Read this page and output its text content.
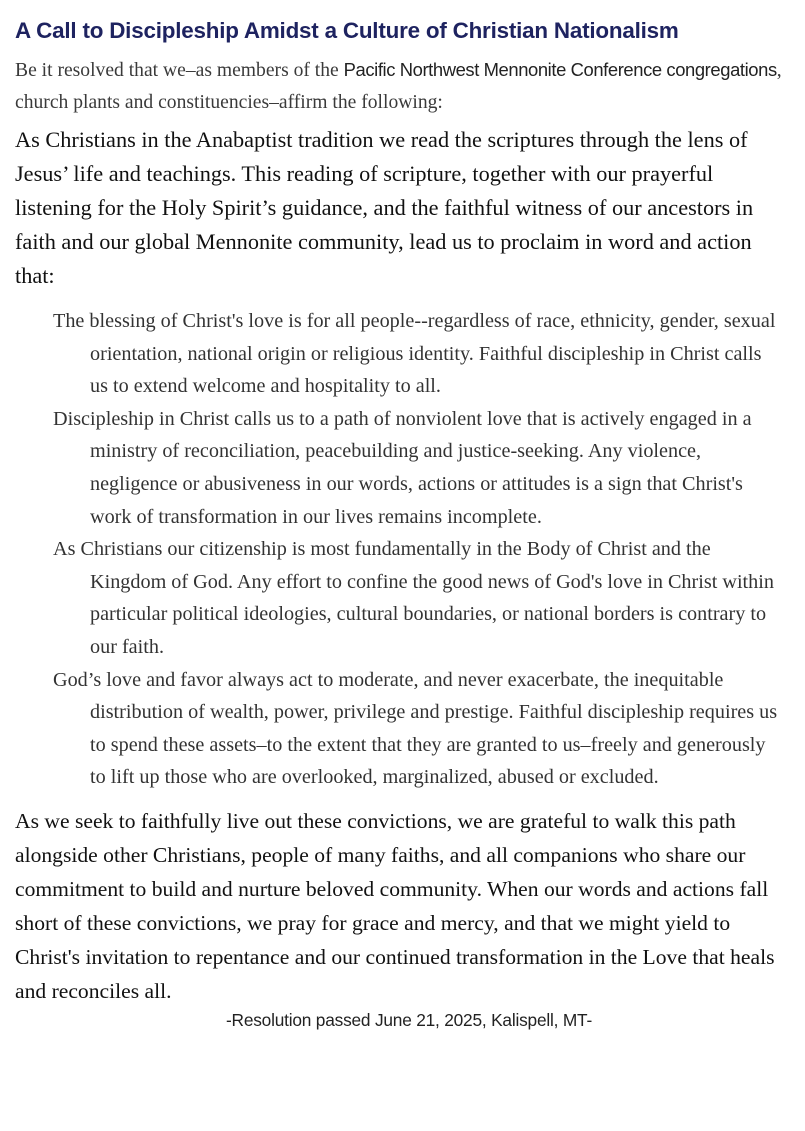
A Call to Discipleship Amidst a Culture of Christian Nationalism

Be it resolved that we–as members of the Pacific Northwest Mennonite Conference congregations, church plants and constituencies–affirm the following:

As Christians in the Anabaptist tradition we read the scriptures through the lens of Jesus’ life and teachings. This reading of scripture, together with our prayerful listening for the Holy Spirit’s guidance, and the faithful witness of our ancestors in faith and our global Mennonite community, lead us to proclaim in word and action that:

The blessing of Christ's love is for all people--regardless of race, ethnicity, gender, sexual orientation, national origin or religious identity. Faithful discipleship in Christ calls us to extend welcome and hospitality to all.
Discipleship in Christ calls us to a path of nonviolent love that is actively engaged in a ministry of reconciliation, peacebuilding and justice-seeking. Any violence, negligence or abusiveness in our words, actions or attitudes is a sign that Christ's work of transformation in our lives remains incomplete.
As Christians our citizenship is most fundamentally in the Body of Christ and the Kingdom of God. Any effort to confine the good news of God's love in Christ within particular political ideologies, cultural boundaries, or national borders is contrary to our faith.
God’s love and favor always act to moderate, and never exacerbate, the inequitable distribution of wealth, power, privilege and prestige. Faithful discipleship requires us to spend these assets–to the extent that they are granted to us–freely and generously to lift up those who are overlooked, marginalized, abused or excluded.

As we seek to faithfully live out these convictions, we are grateful to walk this path alongside other Christians, people of many faiths, and all companions who share our commitment to build and nurture beloved community. When our words and actions fall short of these convictions, we pray for grace and mercy, and that we might yield to Christ's invitation to repentance and our continued transformation in the Love that heals and reconciles all.

-Resolution passed June 21, 2025, Kalispell, MT-
